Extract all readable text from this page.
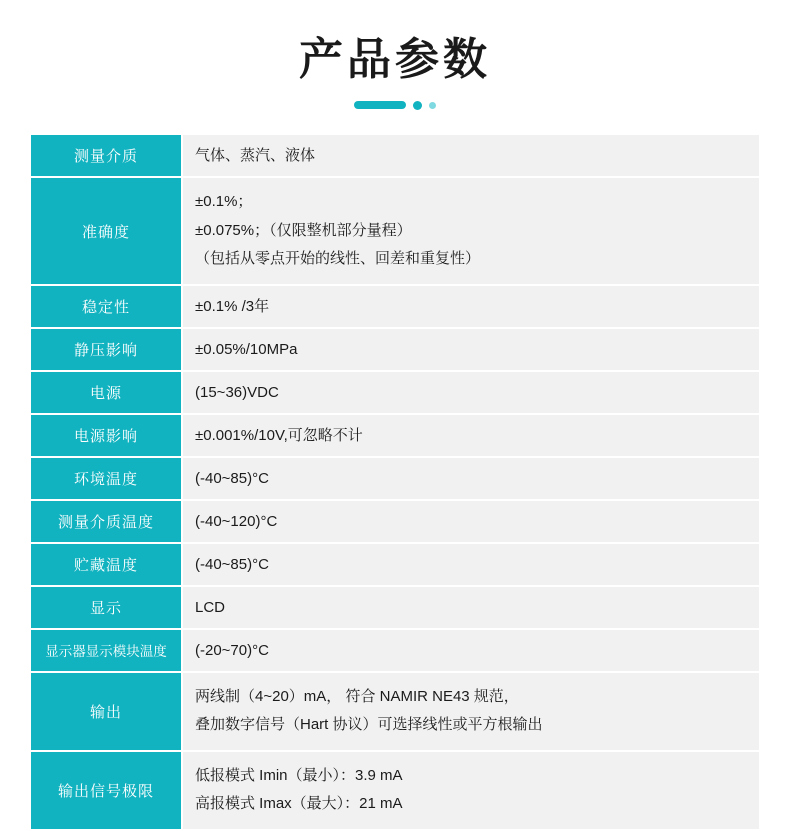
产品参数
测量介质	气体、蒸汽、液体

准确度	±0.1%；
±0.075%；（仅限整机部分量程）
（包括从零点开始的线性、回差和重复性）

稳定性	±0.1% /3年

静压影响	±0.05%/10MPa

电源	(15~36)VDC

电源影响	±0.001%/10V,可忽略不计

环境温度	(-40~85)°C

测量介质温度	(-40~120)°C

贮藏温度	(-40~85)°C

显示	LCD

显示器显示模块温度	(-20~70)°C

输出	两线制（4~20）mA， 符合 NAMIR NE43 规范，
叠加数字信号（Hart 协议）可选择线性或平方根输出

输出信号极限	低报模式 Imin（最小）：3.9 mA
高报模式 Imax（最大）：21 mA
